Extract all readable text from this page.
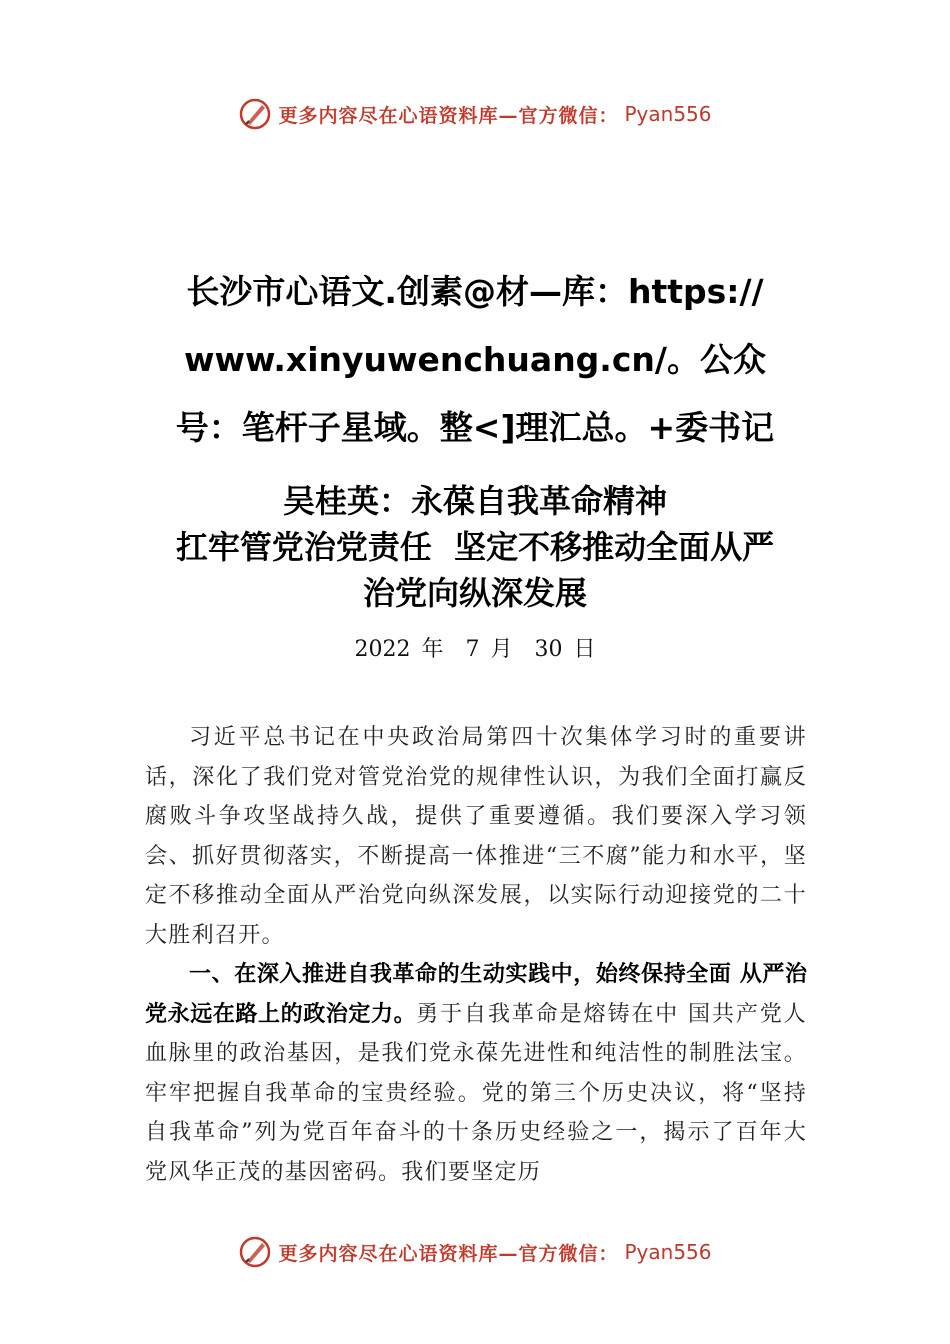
更多内容尽在心语资料库—官方微信： Pyan556
长沙市心语文.创素@材—库：https://
www.xinyuwenchuang.cn/。公众
号：笔杆子星域。整<]理汇总。+委书记
吴桂英：永葆自我革命精神
扛牢管党治党责任  坚定不移推动全面从严
治党向纵深发展
2022 年  7 月  30 日

习近平总书记在中央政治局第四十次集体学习时的重要讲话，深化了我们党对管党治党的规律性认识，为我们全面打赢反腐败斗争攻坚战持久战，提供了重要遵循。我们要深入学习领会、抓好贯彻落实，不断提高一体推进“三不腐”能力和水平，坚定不移推动全面从严治党向纵深发展，以实际行动迎接党的二十大胜利召开。

一、在深入推进自我革命的生动实践中，始终保持全面 从严治党永远在路上的政治定力。勇于自我革命是熔铸在中 国共产党人血脉里的政治基因，是我们党永葆先进性和纯洁性的制胜法宝。牢牢把握自我革命的宝贵经验。党的第三个历史决议，将“坚持自我革命”列为党百年奋斗的十条历史经验之一，揭示了百年大党风华正茂的基因密码。我们要坚定历

更多内容尽在心语资料库—官方微信： Pyan556
